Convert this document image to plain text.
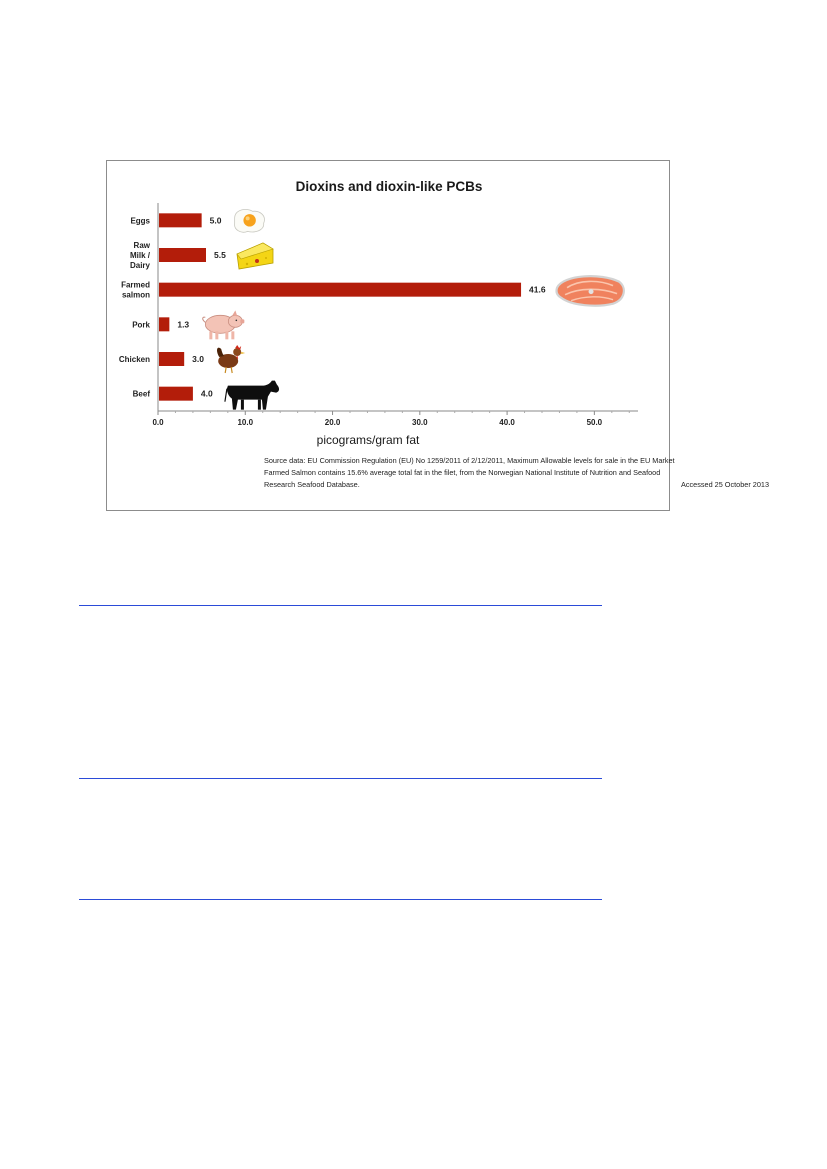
Dioxins and dioxin-like PCBs
Eggs
Raw Milk / Dairy
Farmed salmon
Pork
Chicken
Beef
5.0
5.5
41.6
1.3
3.0
4.0
0.0	10.0	20.0	30.0	40.0	50.0
picograms/gram fat
Source data: EU Commission Regulation (EU) No 1259/2011 of 2/12/2011, Maximum Allowable levels for sale in the EU Market
Farmed Salmon contains 15.6% average total fat in the filet, from the Norwegian National Institute of Nutrition and Seafood
Research Seafood Database.	Accessed 25 October 2013
